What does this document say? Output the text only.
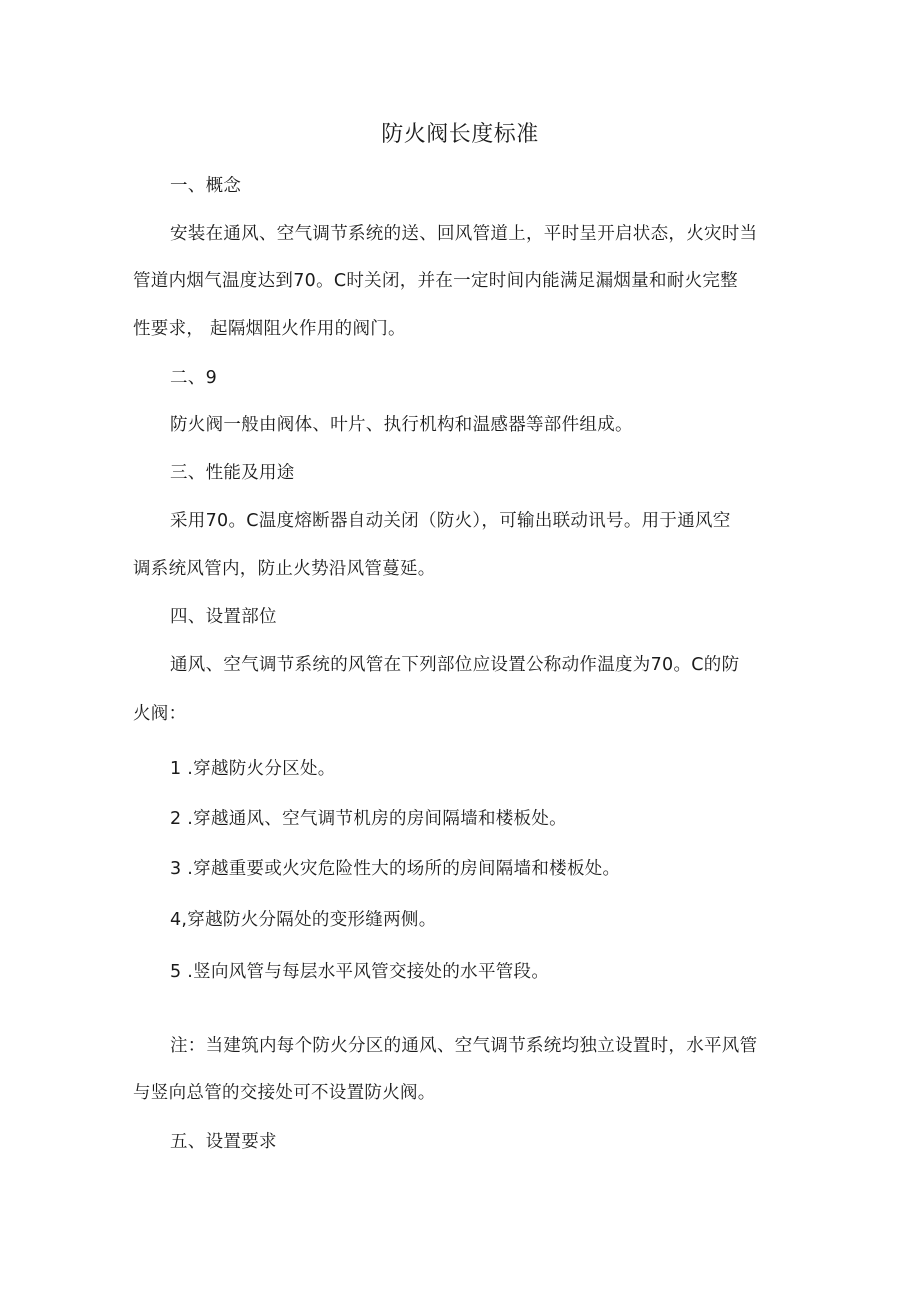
防火阀长度标准
一、概念
安装在通风、空气调节系统的送、回风管道上，平时呈开启状态，火灾时当
管道内烟气温度达到70。C时关闭，并在一定时间内能满足漏烟量和耐火完整
性要求， 起隔烟阻火作用的阀门。
二、9
防火阀一般由阀体、叶片、执行机构和温感器等部件组成。
三、性能及用途
采用70。C温度熔断器自动关闭（防火），可输出联动讯号。用于通风空
调系统风管内，防止火势沿风管蔓延。
四、设置部位
通风、空气调节系统的风管在下列部位应设置公称动作温度为70。C的防
火阀：
1 .穿越防火分区处。
2 .穿越通风、空气调节机房的房间隔墙和楼板处。
3 .穿越重要或火灾危险性大的场所的房间隔墙和楼板处。
4,穿越防火分隔处的变形缝两侧。
5 .竖向风管与每层水平风管交接处的水平管段。
注：当建筑内每个防火分区的通风、空气调节系统均独立设置时，水平风管
与竖向总管的交接处可不设置防火阀。
五、设置要求
